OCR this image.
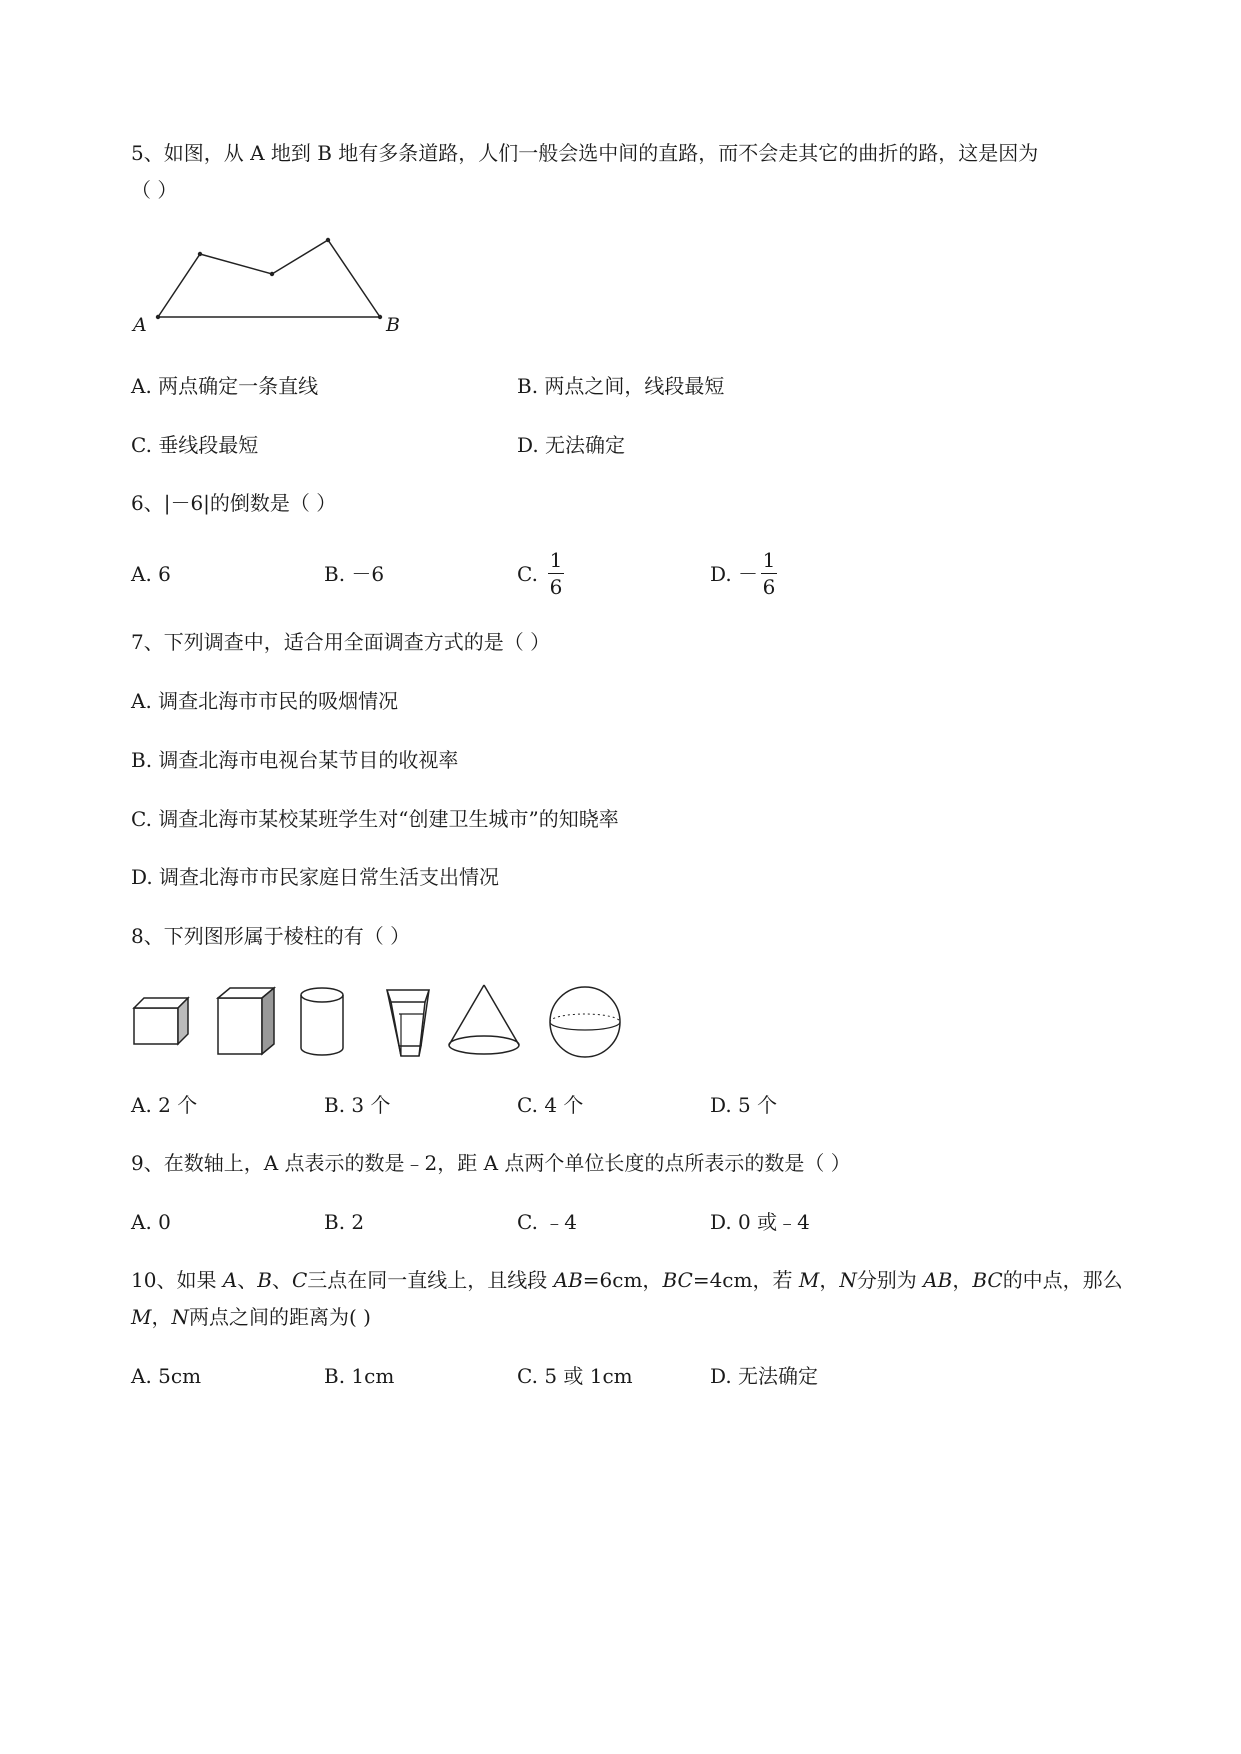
5、如图，从 A 地到 B 地有多条道路，人们一般会选中间的直路，而不会走其它的曲折的路，这是因为
（ ）
A	B
A. 两点确定一条直线	B. 两点之间，线段最短
C. 垂线段最短	D. 无法确定
6、|－6|的倒数是（ ）
A. 6	B. －6	C.
1
6
D. －
1
6
7、下列调查中，适合用全面调查方式的是（ ）
A. 调查北海市市民的吸烟情况
B. 调查北海市电视台某节目的收视率
C. 调查北海市某校某班学生对“创建卫生城市”的知晓率
D. 调查北海市市民家庭日常生活支出情况
8、下列图形属于棱柱的有（ ）
A. 2 个	B. 3 个	C. 4 个	D. 5 个
9、在数轴上，A 点表示的数是﹣2，距 A 点两个单位长度的点所表示的数是（ ）
A. 0	B. 2	C. ﹣4	D. 0 或﹣4
10、如果 A、B、C三点在同一直线上，且线段 AB=6cm，BC=4cm，若 M，N分别为 AB，BC的中点，那么
M，N两点之间的距离为( )
A. 5cm	B. 1cm	C. 5 或 1cm	D. 无法确定
